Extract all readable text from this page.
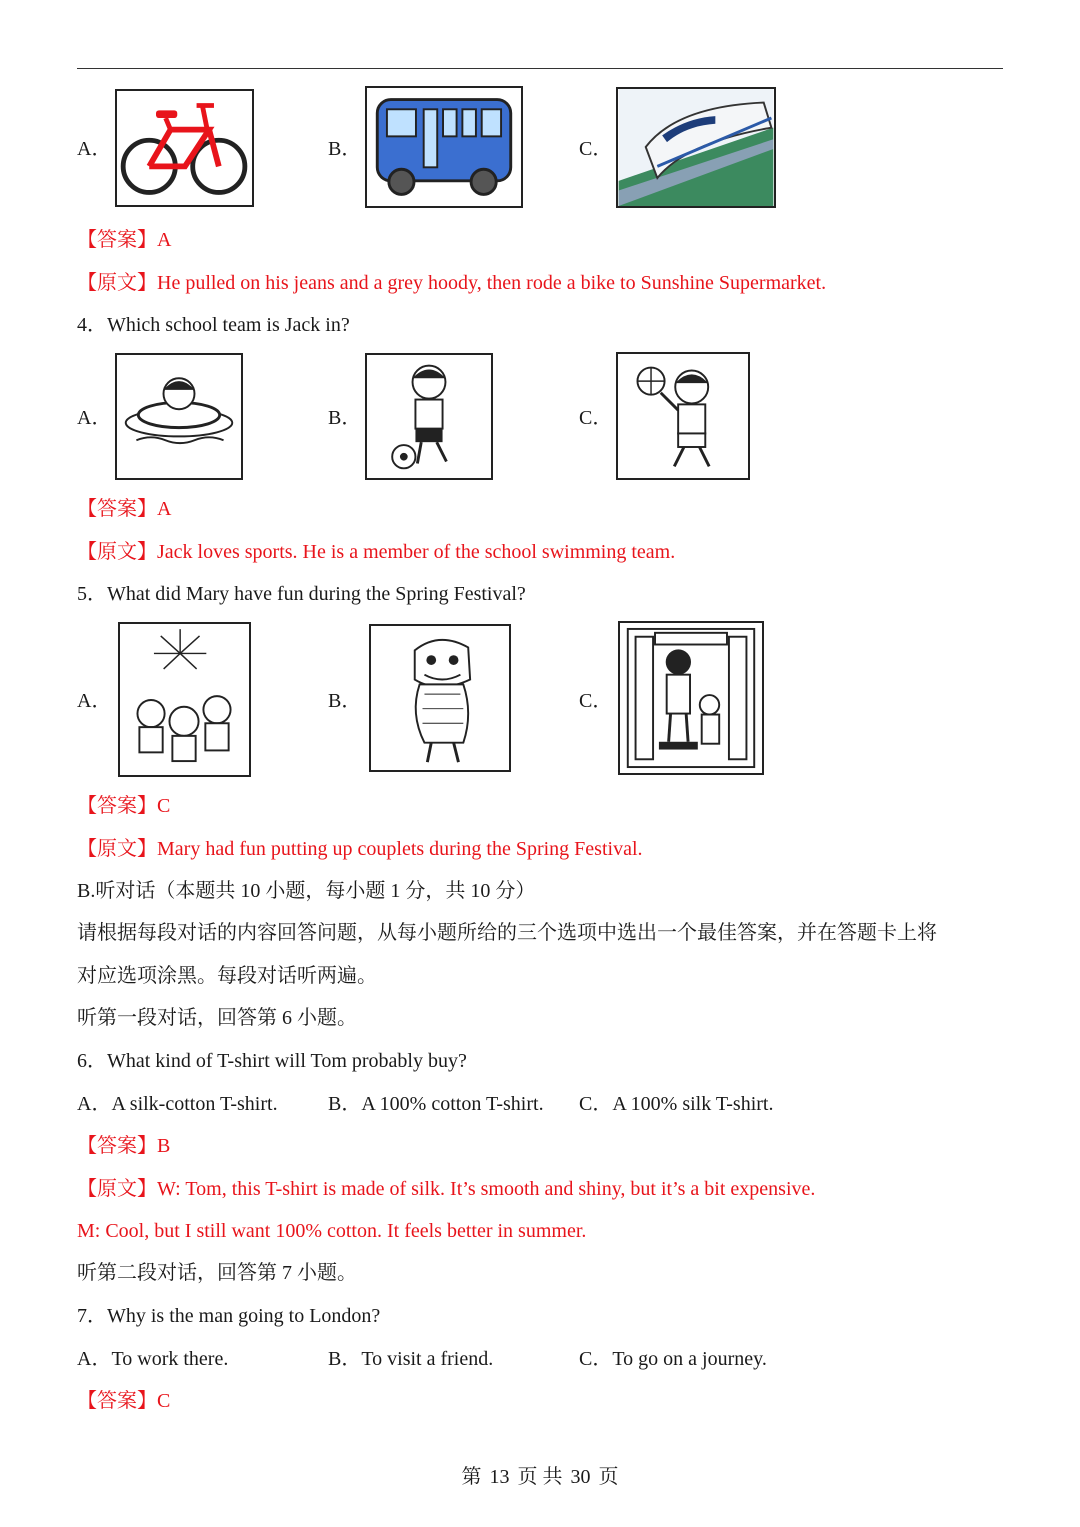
A．	B．	C．
【答案】A
【原文】He pulled on his jeans and a grey hoody, then rode a bike to Sunshine Supermarket.
4．Which school team is Jack in?
A．	B．	C．
【答案】A
【原文】Jack loves sports. He is a member of the school swimming team.
5．What did Mary have fun during the Spring Festival?
A．	B．	C．
【答案】C
【原文】Mary had fun putting up couplets during the Spring Festival.
B.听对话（本题共 10 小题，每小题 1 分，共 10 分）
请根据每段对话的内容回答问题，从每小题所给的三个选项中选出一个最佳答案，并在答题卡上将
对应选项涂黑。每段对话听两遍。
听第一段对话，回答第 6 小题。
6．What kind of T-shirt will Tom probably buy?
A．A silk-cotton T-shirt.	B．A 100% cotton T-shirt. C．A 100% silk T-shirt.
【答案】B
【原文】W: Tom, this T-shirt is made of silk. It’s smooth and shiny, but it’s a bit expensive.
M: Cool, but I still want 100% cotton. It feels better in summer.
听第二段对话，回答第 7 小题。
7．Why is the man going to London?
A．To work there.	B．To visit a friend.	C．To go on a journey.
【答案】C
第 13 页 共 30 页
